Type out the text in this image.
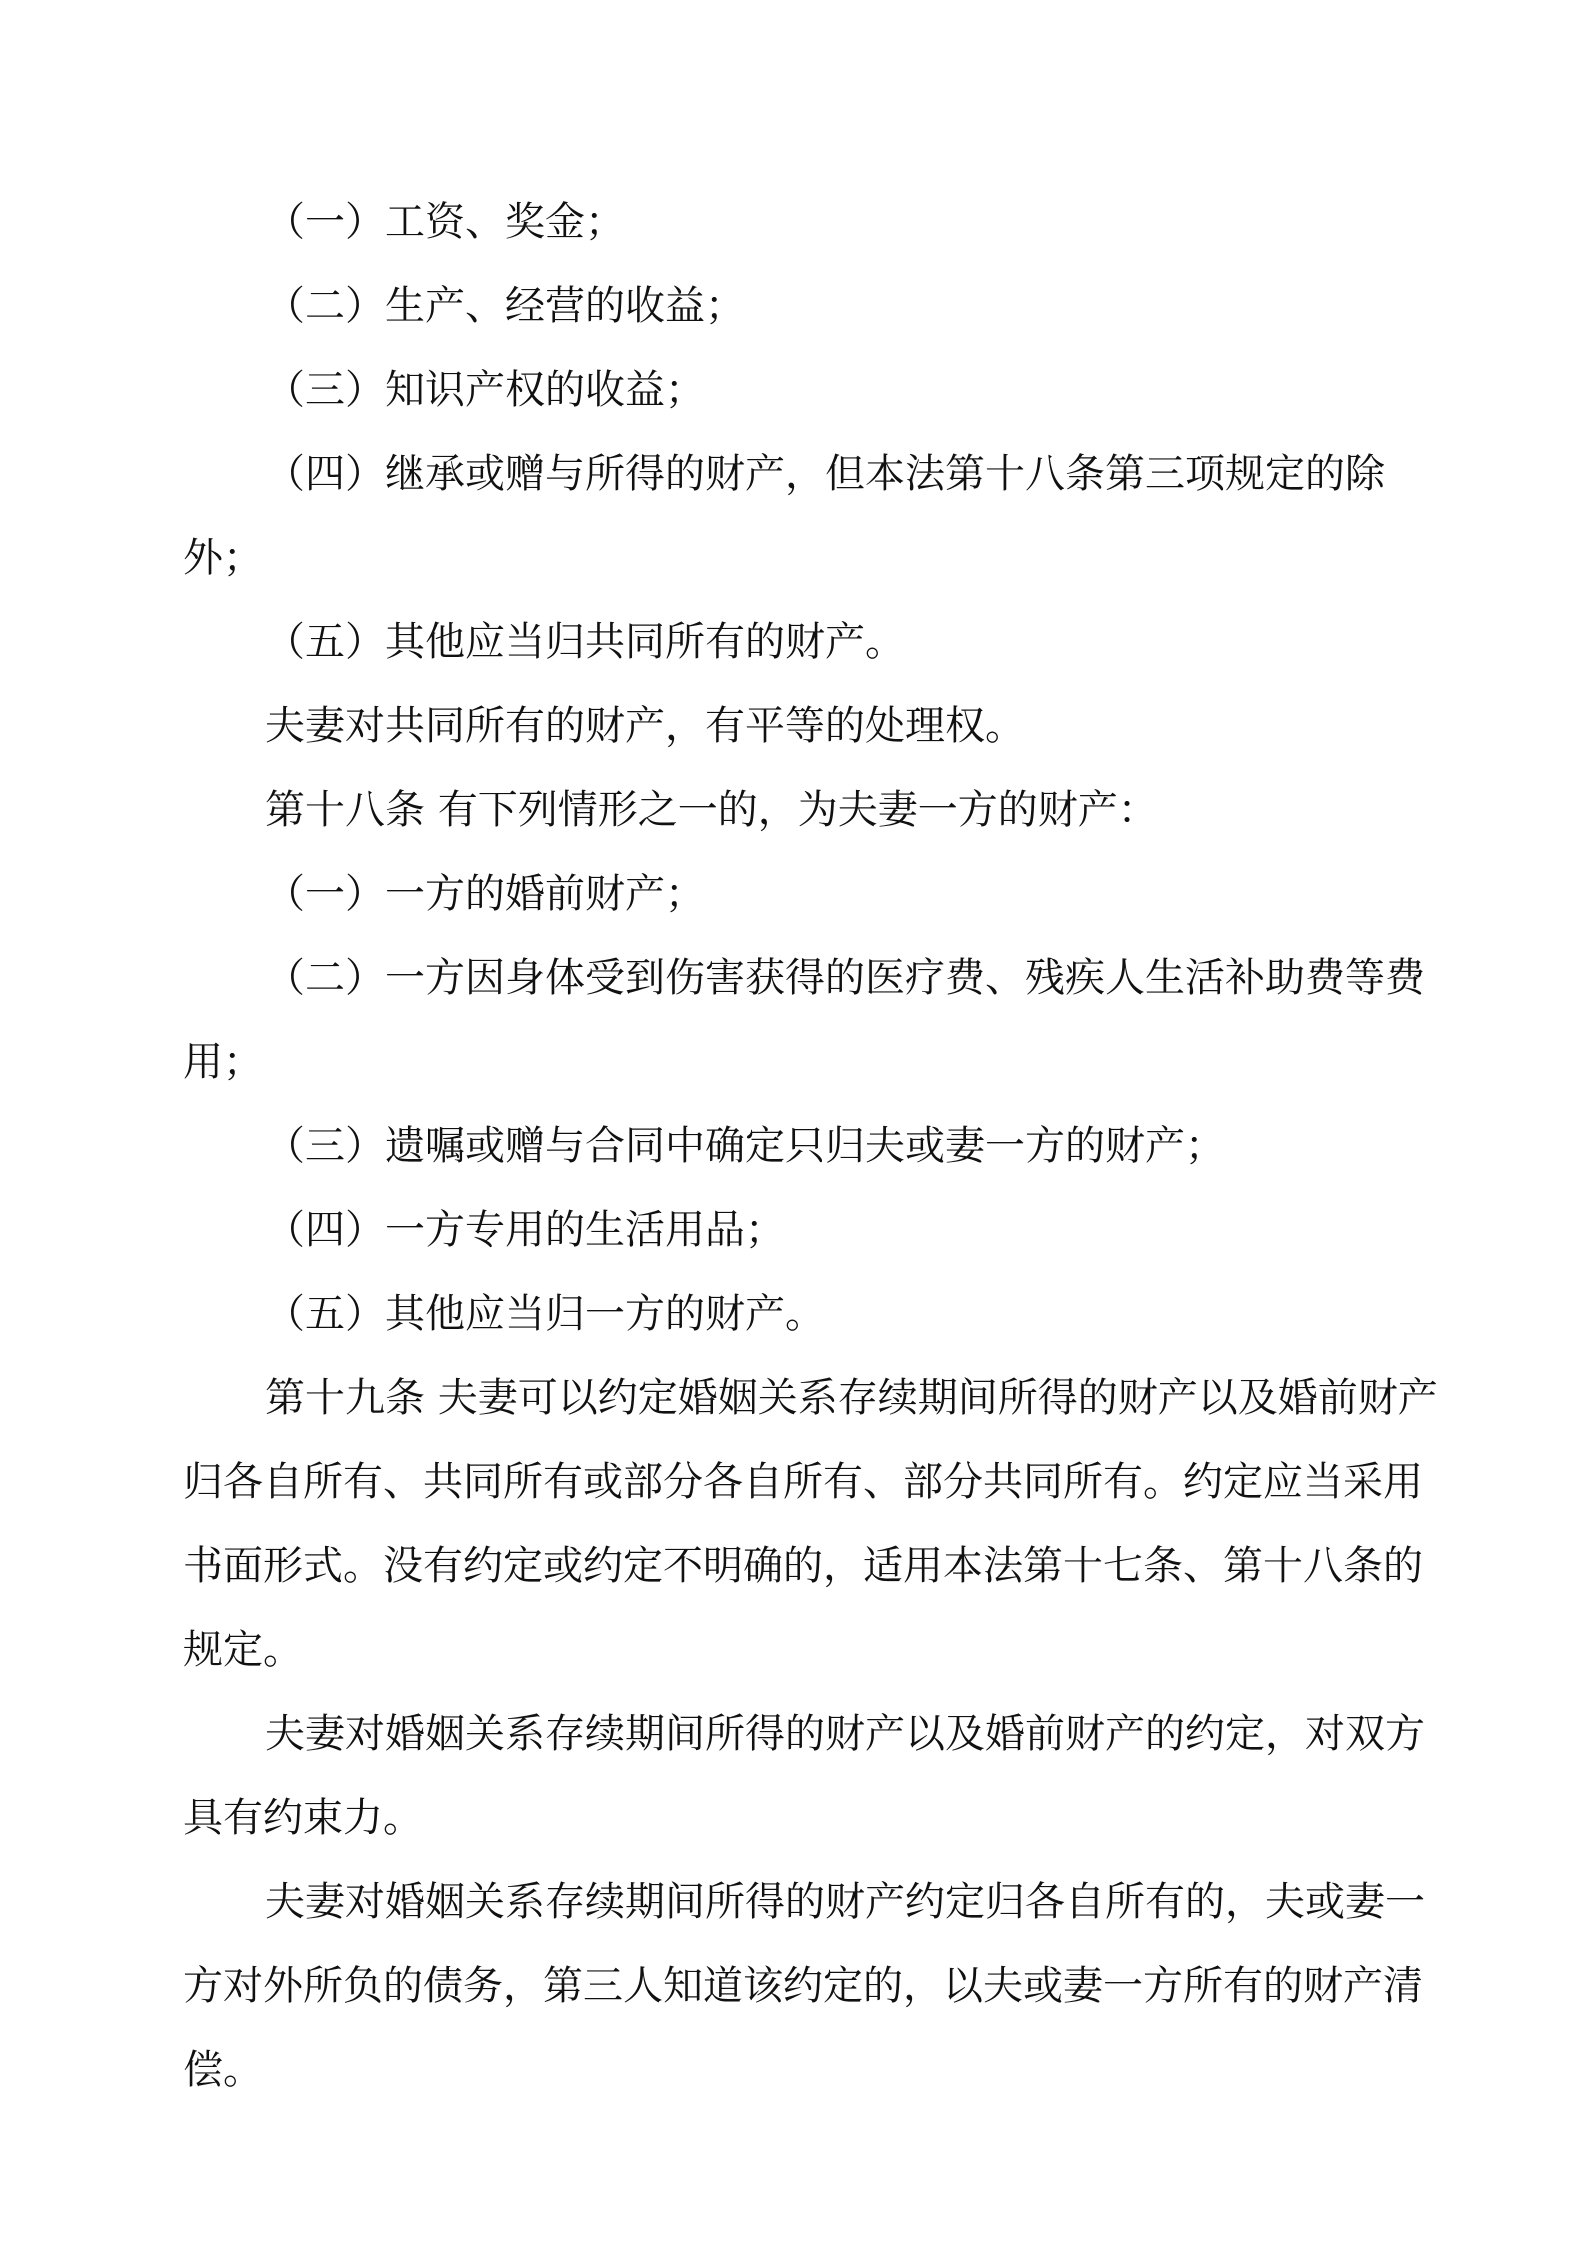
（一）工资、奖金；

（二）生产、经营的收益；

（三）知识产权的收益；

（四）继承或赠与所得的财产，但本法第十八条第三项规定的除外；

（五）其他应当归共同所有的财产。

夫妻对共同所有的财产，有平等的处理权。

第十八条 有下列情形之一的，为夫妻一方的财产：

（一）一方的婚前财产；

（二）一方因身体受到伤害获得的医疗费、残疾人生活补助费等费用；

（三）遗嘱或赠与合同中确定只归夫或妻一方的财产；

（四）一方专用的生活用品；

（五）其他应当归一方的财产。

第十九条 夫妻可以约定婚姻关系存续期间所得的财产以及婚前财产归各自所有、共同所有或部分各自所有、部分共同所有。约定应当采用书面形式。没有约定或约定不明确的，适用本法第十七条、第十八条的规定。

夫妻对婚姻关系存续期间所得的财产以及婚前财产的约定，对双方具有约束力。

夫妻对婚姻关系存续期间所得的财产约定归各自所有的，夫或妻一方对外所负的债务，第三人知道该约定的，以夫或妻一方所有的财产清偿。
